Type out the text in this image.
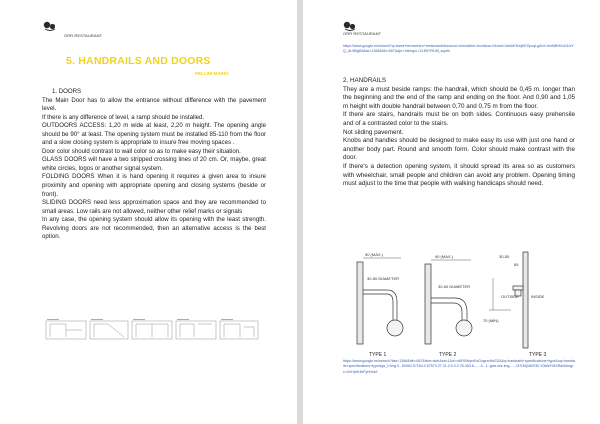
ORR RESTAURANT
5. HANDRAILS AND DOORS
PELLINI MARIO

1. DOORS

The Main Door has to allow the entrance without difference with the pavement level.

If there is any difference of level, a ramp should be installed.

OUTDOORS ACCESS: 1,20 m wide at least, 2,20 m height. The opening angle should be 90° at least. The opening system must be installed 85-110 from the floor and a slow closing system is appropriate to insure free moving spaces .

Door color should contrast to wall color so as to make easy their situation.

GLASS DOORS will have a two stripped crossing lines of 20 cm. Or, maybe, great white circles, logos or another signal system.

FOLDING DOORS When it is hand opening it requires a given area to insure proximity and opening with appropriate opening and closing systems (beside or front).

SLIDING DOORS need less approximation space and they are recommended to small areas. Low rails are not allowed, neither other relief marks or signals

In any case, the opening system should allow its opening with the least strength. Revolving doors are not recommended, then an alternative access is the best option.

ORR RESTAURANT
https://www.google.es/search?q=barra+terracentro+restaurante&source=lnms&tbm=isch&sa=X&ved=0ahUKEwjM07lpzqLgAhX-hmMBHXoDDxYQ_AUIDigB&biw=1366&bih=657&dpr=1#imgrc=X1E6YRUM_sqoM:

2. HANDRAILS

They are a must beside ramps: the handrail, which should be 0,45 m. longer than the beginning and the end of the ramp and ending on the floor. And 0,90 and 1,05 m height with double handrail between 0,70 and 0,75 m from the floor.

If there are stairs, handrails must be on both sides. Continuous easy prehensile and of a contrasted color to the stairs.

Not sliding pavement.

Knobs and handles should be designed to make easy its use with just one hand or another body part. Round and smooth form. Color should make contrast with the door.

If there's a detection opening system, it should spread its area so as customers with wheelchair, small people and children can avoid any problem. Opening timing must adjust to the time that people with walking handicaps should need.

90 (MAX.)
30-50 DIAMETER
90 (MAX.)
30-50 DIAMETER
30-50
65
70 (MIN)
OUTSIDE	INSIDE
TYPE 1	TYPE 2	TYPE 3
https://www.google.es/search?biw=1366&bih=657&tbm=isch&sa=1&ei=o6Fl0WyrvEsGxgsrvHuEDA&q=handrails+specifications+type&oq=handrails+specifications+type&gs_l=img.3...50002.57164.0.57573.27.21.0.0.0.0.76.453.6.......0...1..gws-wiz-img.......0i7i30j0i8i7i30.X0ktWY8XRa0#imgrc=XnHpKI4bPyhHsM:
